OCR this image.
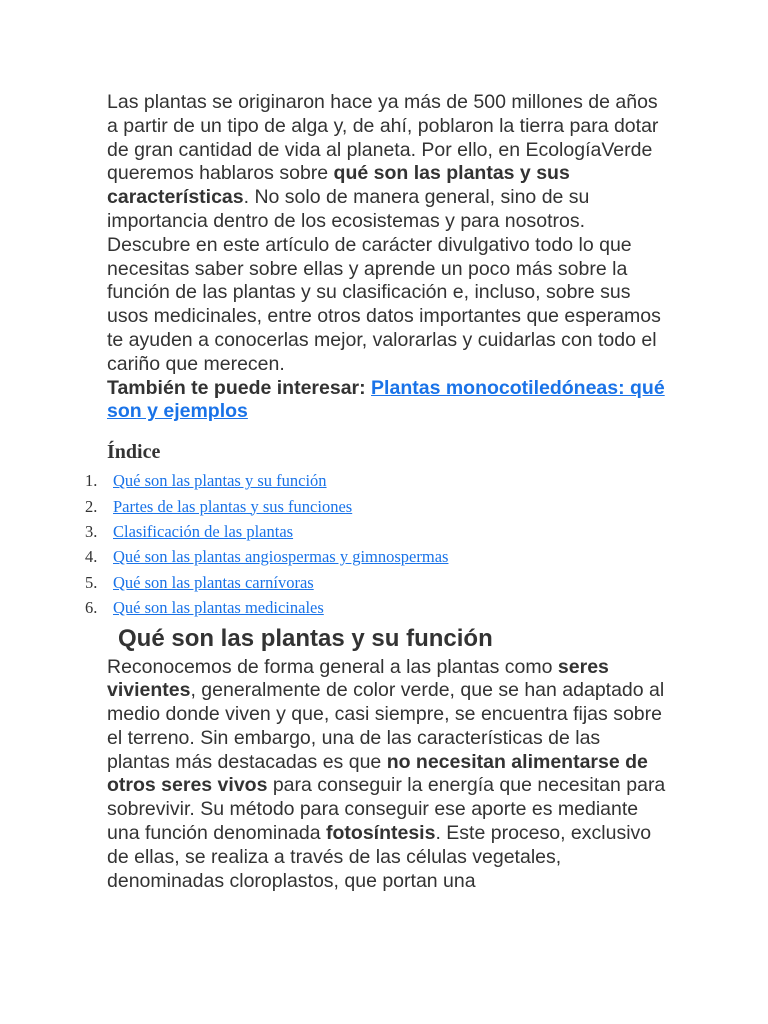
Las plantas se originaron hace ya más de 500 millones de años a partir de un tipo de alga y, de ahí, poblaron la tierra para dotar de gran cantidad de vida al planeta. Por ello, en EcologíaVerde queremos hablaros sobre qué son las plantas y sus características. No solo de manera general, sino de su importancia dentro de los ecosistemas y para nosotros.

Descubre en este artículo de carácter divulgativo todo lo que necesitas saber sobre ellas y aprende un poco más sobre la función de las plantas y su clasificación e, incluso, sobre sus usos medicinales, entre otros datos importantes que esperamos te ayuden a conocerlas mejor, valorarlas y cuidarlas con todo el cariño que merecen.

También te puede interesar: Plantas monocotiledóneas: qué son y ejemplos

Índice
1. Qué son las plantas y su función
2. Partes de las plantas y sus funciones
3. Clasificación de las plantas
4. Qué son las plantas angiospermas y gimnospermas
5. Qué son las plantas carnívoras
6. Qué son las plantas medicinales
Qué son las plantas y su función

Reconocemos de forma general a las plantas como seres vivientes, generalmente de color verde, que se han adaptado al medio donde viven y que, casi siempre, se encuentra fijas sobre el terreno. Sin embargo, una de las características de las plantas más destacadas es que no necesitan alimentarse de otros seres vivos para conseguir la energía que necesitan para sobrevivir. Su método para conseguir ese aporte es mediante una función denominada fotosíntesis. Este proceso, exclusivo de ellas, se realiza a través de las células vegetales, denominadas cloroplastos, que portan una
